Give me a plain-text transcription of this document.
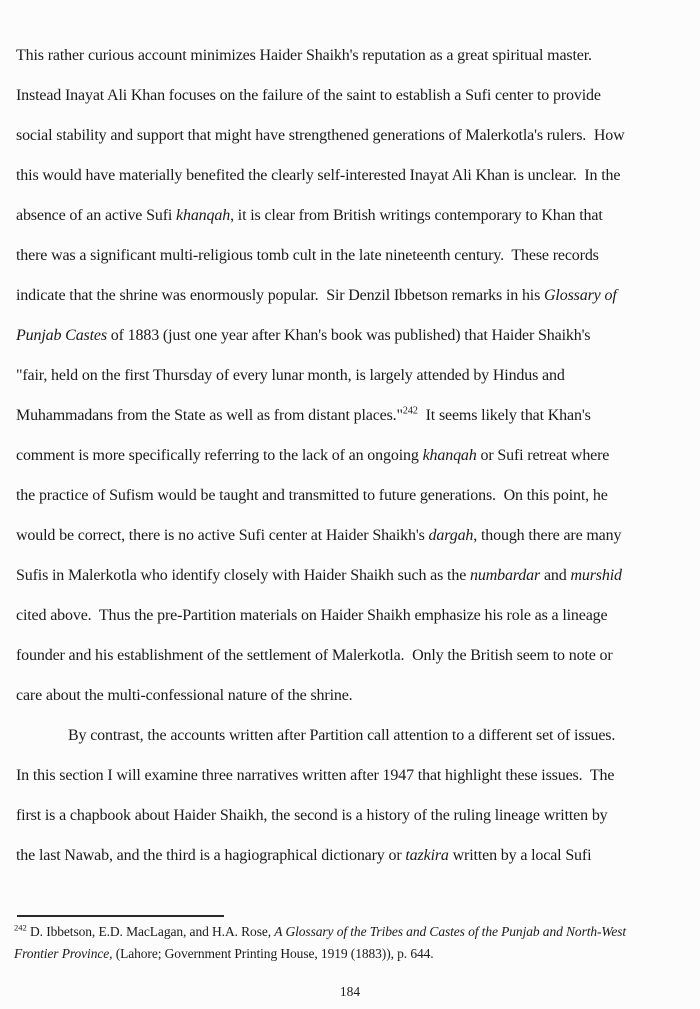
This rather curious account minimizes Haider Shaikh's reputation as a great spiritual master.
Instead Inayat Ali Khan focuses on the failure of the saint to establish a Sufi center to provide
social stability and support that might have strengthened generations of Malerkotla's rulers.  How
this would have materially benefited the clearly self-interested Inayat Ali Khan is unclear.  In the
absence of an active Sufi khanqah, it is clear from British writings contemporary to Khan that
there was a significant multi-religious tomb cult in the late nineteenth century.  These records
indicate that the shrine was enormously popular.  Sir Denzil Ibbetson remarks in his Glossary of
Punjab Castes of 1883 (just one year after Khan's book was published) that Haider Shaikh's
"fair, held on the first Thursday of every lunar month, is largely attended by Hindus and
Muhammadans from the State as well as from distant places."$^{242}$  It seems likely that Khan's
comment is more specifically referring to the lack of an ongoing khanqah or Sufi retreat where
the practice of Sufism would be taught and transmitted to future generations.  On this point, he
would be correct, there is no active Sufi center at Haider Shaikh's dargah, though there are many
Sufis in Malerkotla who identify closely with Haider Shaikh such as the numbardar and murshid
cited above.  Thus the pre-Partition materials on Haider Shaikh emphasize his role as a lineage
founder and his establishment of the settlement of Malerkotla.  Only the British seem to note or
care about the multi-confessional nature of the shrine.
By contrast, the accounts written after Partition call attention to a different set of issues.
In this section I will examine three narratives written after 1947 that highlight these issues.  The
first is a chapbook about Haider Shaikh, the second is a history of the ruling lineage written by
the last Nawab, and the third is a hagiographical dictionary or tazkira written by a local Sufi
$^{242}$ D. Ibbetson, E.D. MacLagan, and H.A. Rose, A Glossary of the Tribes and Castes of the Punjab and North-West
Frontier Province, (Lahore; Government Printing House, 1919 (1883)), p. 644.
184
